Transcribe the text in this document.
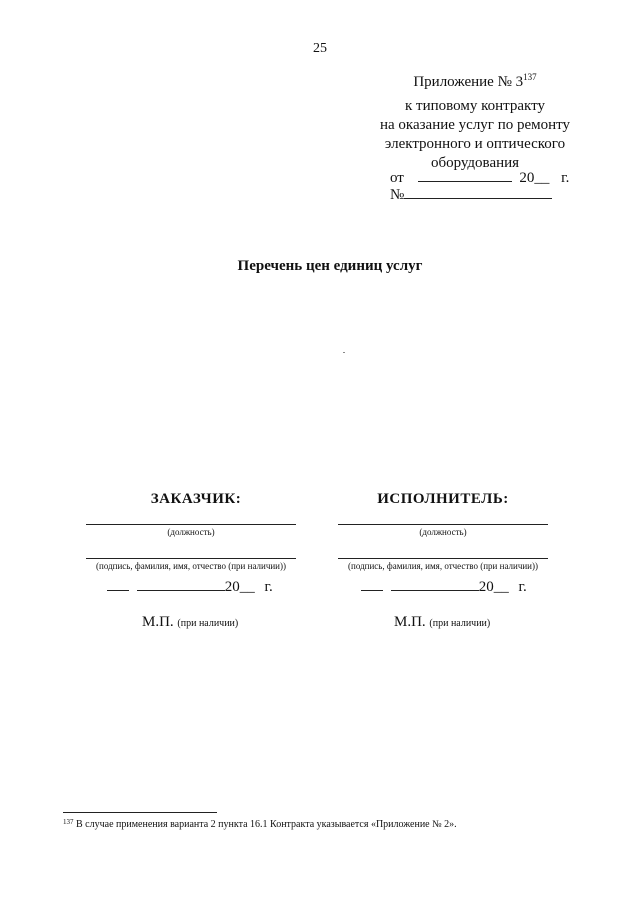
25
Приложение № $3^{137}$
к типовому контракту
на оказание услуг по ремонту
электронного и оптического
оборудования
от	20__ г.
№
Перечень цен единиц услуг
ЗАКАЗЧИК:
(должность)
(подпись, фамилия, имя, отчество (при наличии))
20__ г.
М.П. (при наличии)
ИСПОЛНИТЕЛЬ:
(должность)
(подпись, фамилия, имя, отчество (при наличии))
20__ г.
М.П. (при наличии)
$^{137}$ В случае применения варианта 2 пункта 16.1 Контракта указывается «Приложение № 2».
